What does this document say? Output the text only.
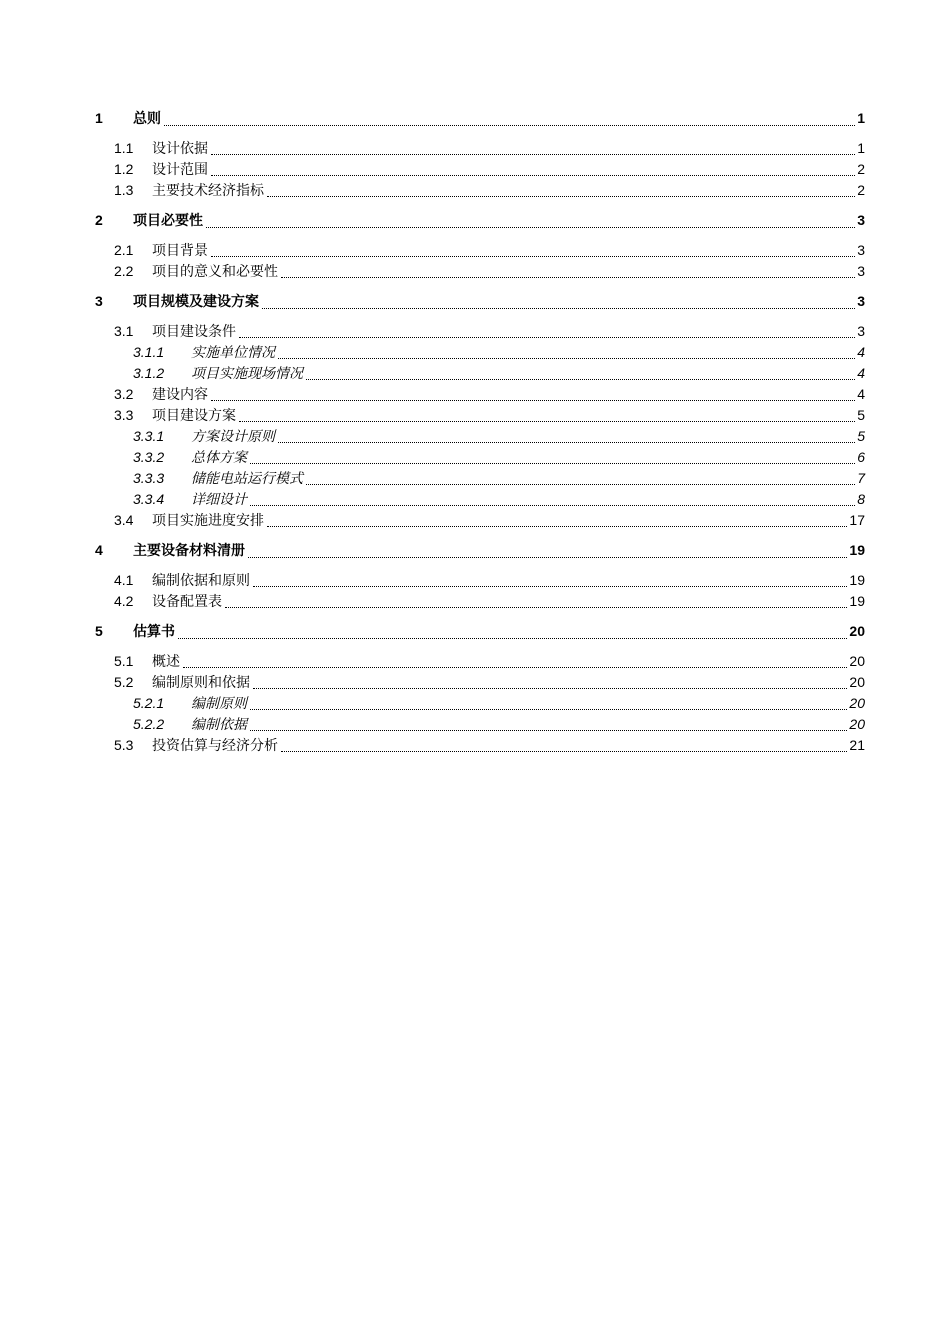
1	总则	1
1.1	设计依据	1
1.2	设计范围	2
1.3	主要技术经济指标	2
2	项目必要性	3
2.1	项目背景	3
2.2	项目的意义和必要性	3
3	项目规模及建设方案	3
3.1	项目建设条件	3
3.1.1	实施单位情况	4
3.1.2	项目实施现场情况	4
3.2	建设内容	4
3.3	项目建设方案	5
3.3.1	方案设计原则	5
3.3.2	总体方案	6
3.3.3	储能电站运行模式	7
3.3.4	详细设计	8
3.4	项目实施进度安排	17
4	主要设备材料清册	19
4.1	编制依据和原则	19
4.2	设备配置表	19
5	估算书	20
5.1	概述	20
5.2	编制原则和依据	20
5.2.1	编制原则	20
5.2.2	编制依据	20
5.3	投资估算与经济分析	21
